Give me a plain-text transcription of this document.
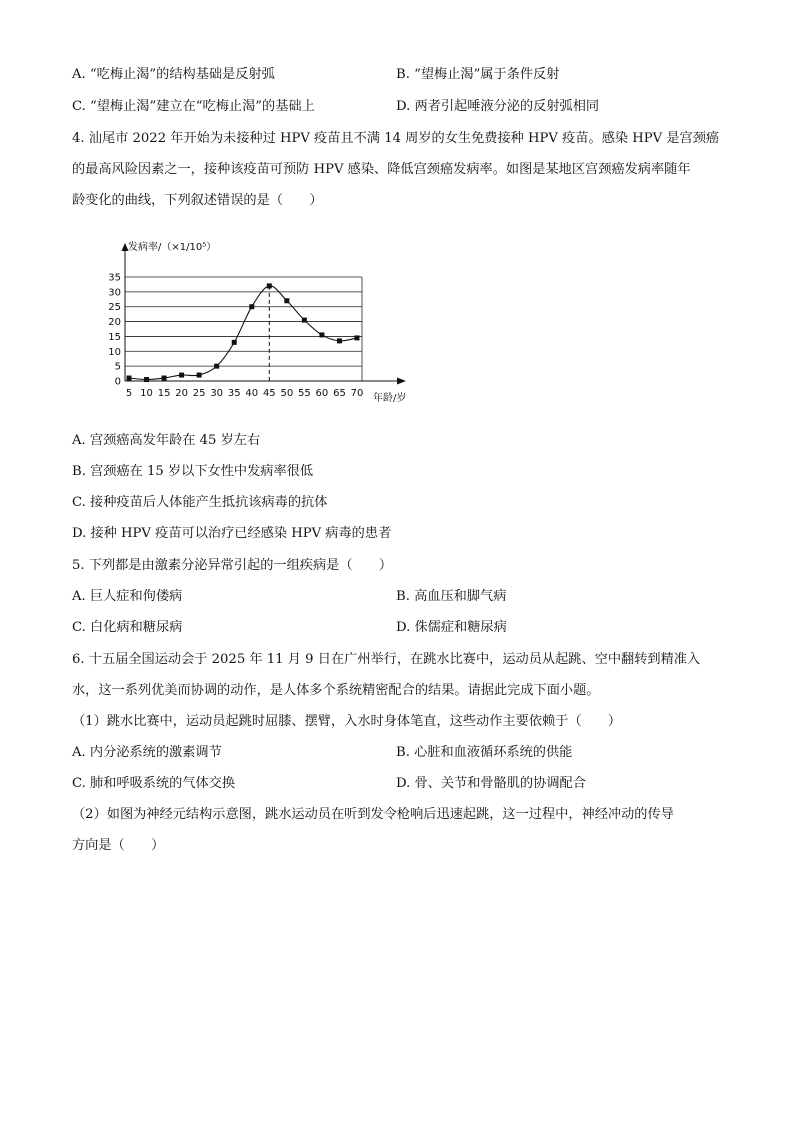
A. “吃梅止渴”的结构基础是反射弧	B. “望梅止渴”属于条件反射
C. “望梅止渴”建立在“吃梅止渴”的基础上	D. 两者引起唾液分泌的反射弧相同
4. 汕尾市 2022 年开始为未接种过 HPV 疫苗且不满 14 周岁的女生免费接种 HPV 疫苗。感染 HPV 是宫颈癌
的最高风险因素之一，接种该疫苗可预防 HPV 感染、降低宫颈癌发病率。如图是某地区宫颈癌发病率随年
龄变化的曲线，下列叙述错误的是（　　）
0
5
10
15
20
25
30
35
5 10 15 20 25 30 35 40 45 50 55 60 65 70
发病率/（×1/10⁵）
年龄/岁
A. 宫颈癌高发年龄在 45 岁左右
B. 宫颈癌在 15 岁以下女性中发病率很低
C. 接种疫苗后人体能产生抵抗该病毒的抗体
D. 接种 HPV 疫苗可以治疗已经感染 HPV 病毒的患者
5. 下列都是由激素分泌异常引起的一组疾病是（　　）
A. 巨人症和佝偻病	B. 高血压和脚气病
C. 白化病和糖尿病	D. 侏儒症和糖尿病
6. 十五届全国运动会于 2025 年 11 月 9 日在广州举行，在跳水比赛中，运动员从起跳、空中翻转到精准入
水，这一系列优美而协调的动作，是人体多个系统精密配合的结果。请据此完成下面小题。
（1）跳水比赛中，运动员起跳时屈膝、摆臂，入水时身体笔直，这些动作主要依赖于（　　）
A. 内分泌系统的激素调节	B. 心脏和血液循环系统的供能
C. 肺和呼吸系统的气体交换	D. 骨、关节和骨骼肌的协调配合
（2）如图为神经元结构示意图，跳水运动员在听到发令枪响后迅速起跳，这一过程中，神经冲动的传导
方向是（　　）
